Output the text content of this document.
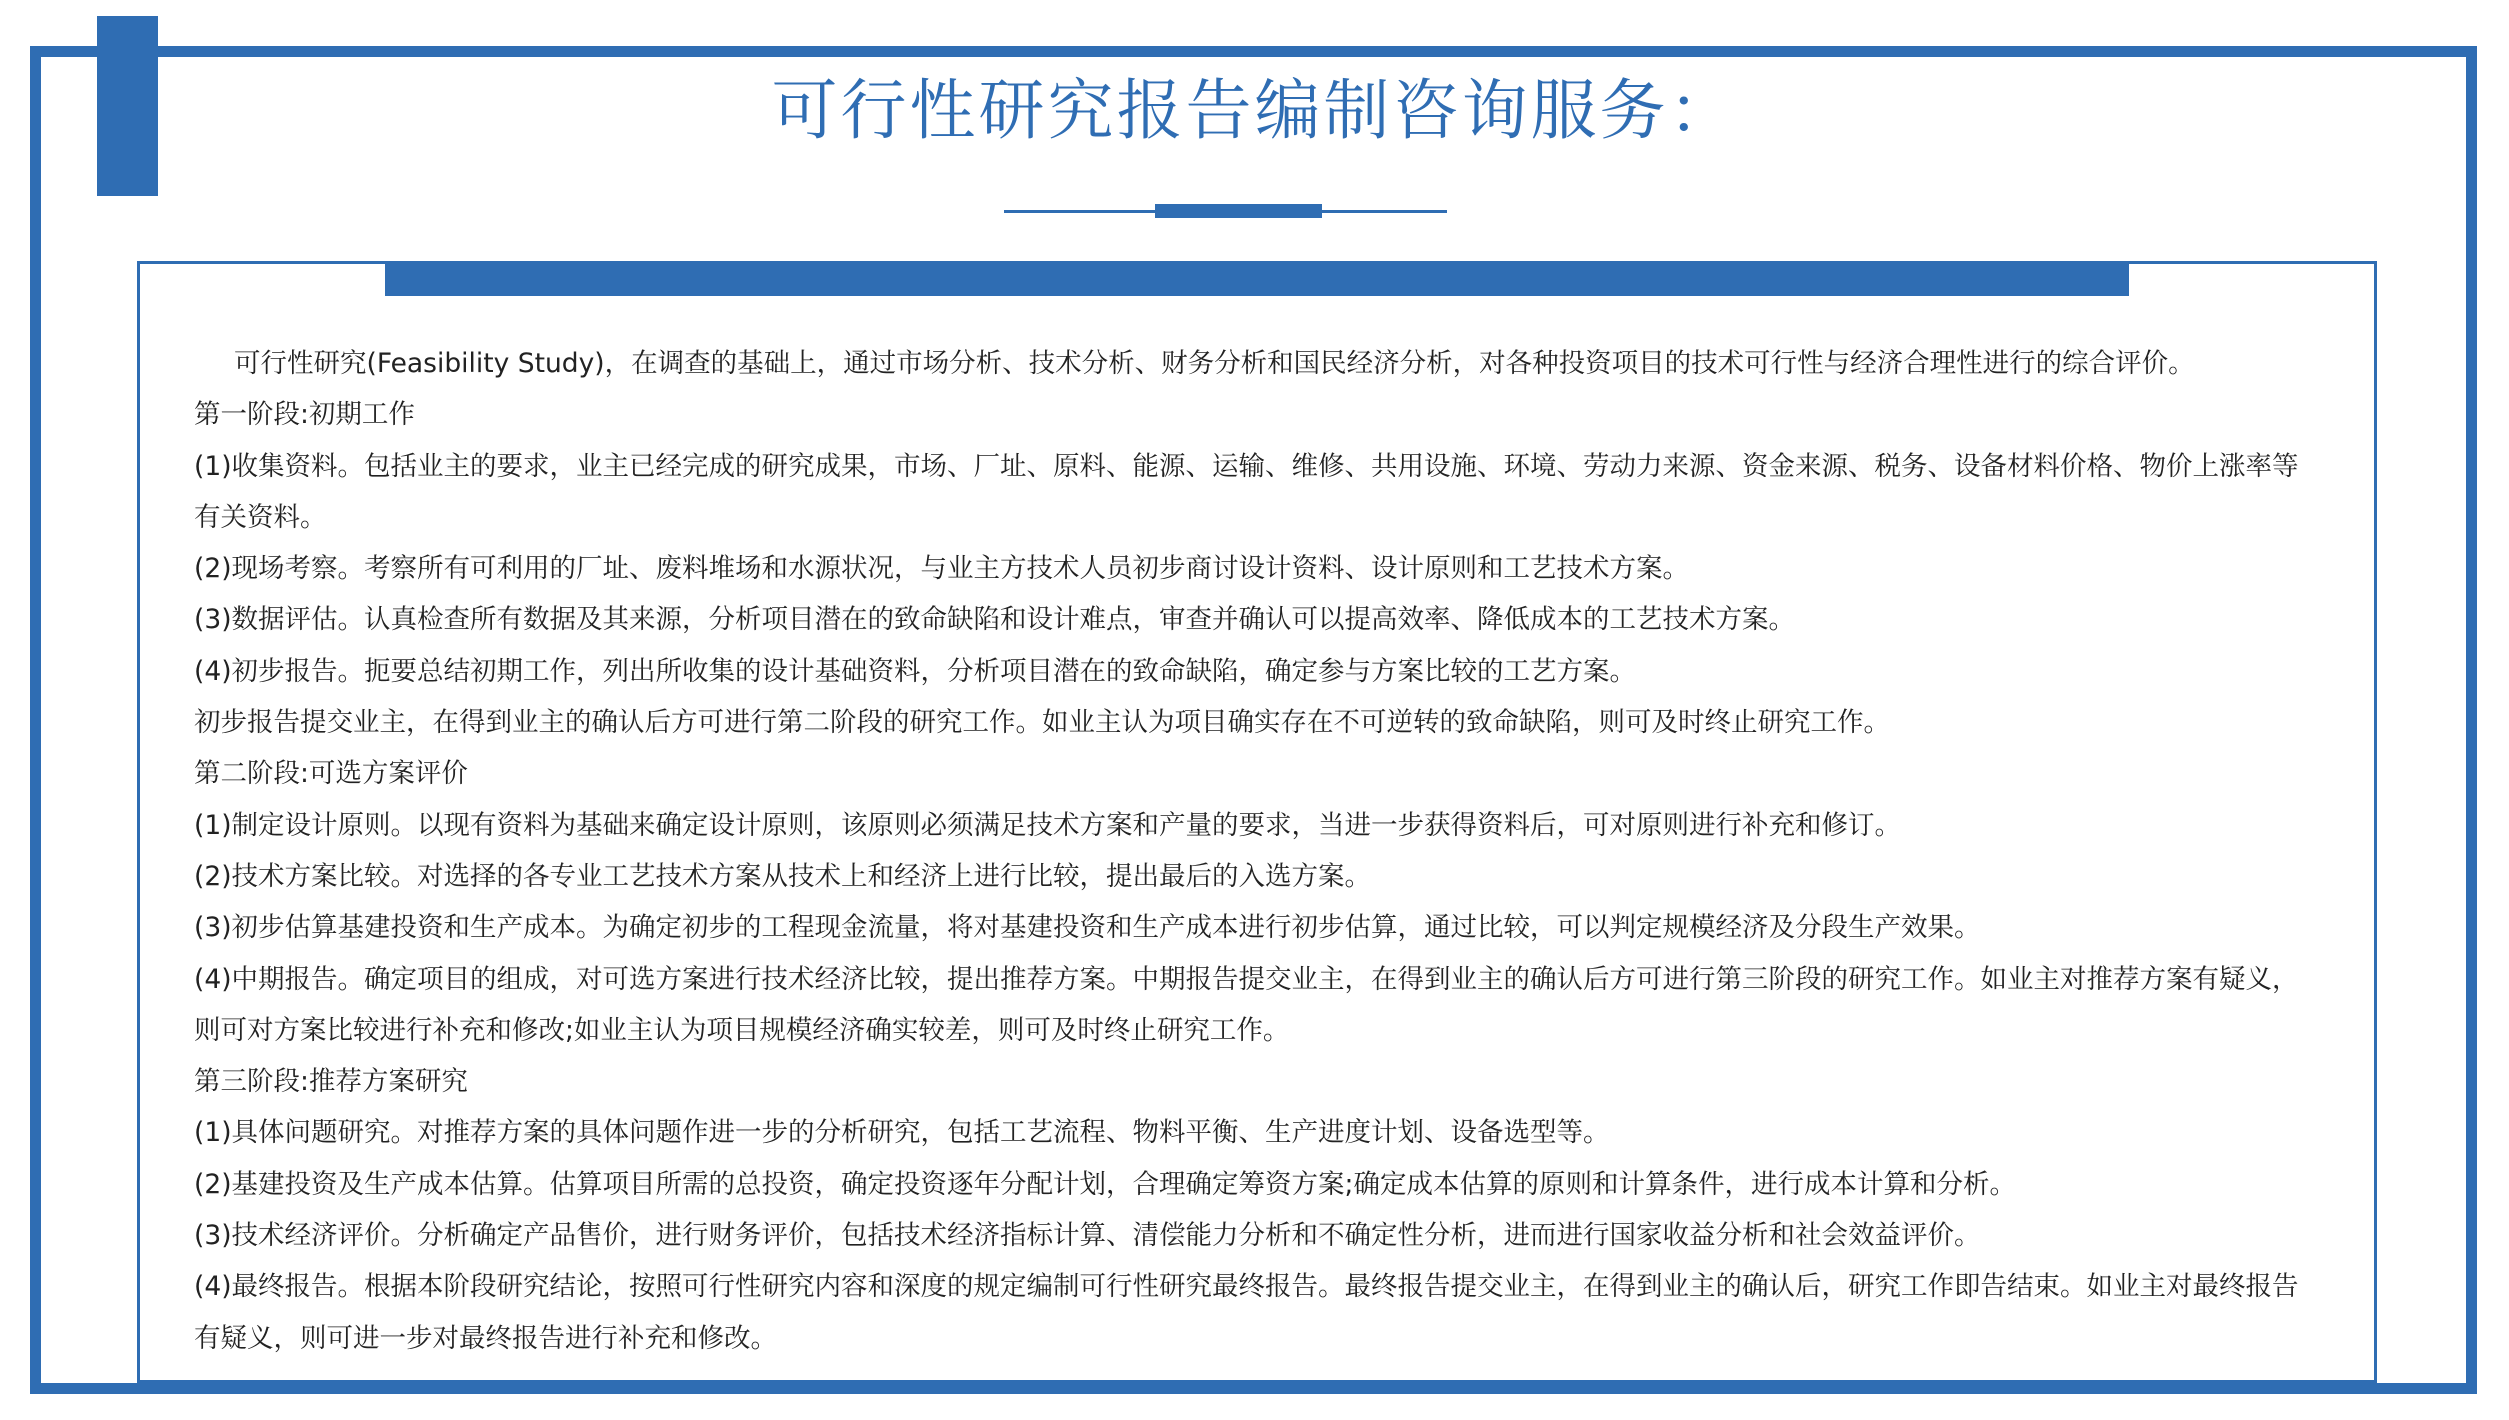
可行性研究报告编制咨询服务：

可行性研究(Feasibility Study)，在调查的基础上，通过市场分析、技术分析、财务分析和国民经济分析，对各种投资项目的技术可行性与经济合理性进行的综合评价。

第一阶段:初期工作

(1)收集资料。包括业主的要求，业主已经完成的研究成果，市场、厂址、原料、能源、运输、维修、共用设施、环境、劳动力来源、资金来源、税务、设备材料价格、物价上涨率等有关资料。

(2)现场考察。考察所有可利用的厂址、废料堆场和水源状况，与业主方技术人员初步商讨设计资料、设计原则和工艺技术方案。

(3)数据评估。认真检查所有数据及其来源，分析项目潜在的致命缺陷和设计难点，审查并确认可以提高效率、降低成本的工艺技术方案。

(4)初步报告。扼要总结初期工作，列出所收集的设计基础资料，分析项目潜在的致命缺陷，确定参与方案比较的工艺方案。

初步报告提交业主，在得到业主的确认后方可进行第二阶段的研究工作。如业主认为项目确实存在不可逆转的致命缺陷，则可及时终止研究工作。

第二阶段:可选方案评价

(1)制定设计原则。以现有资料为基础来确定设计原则，该原则必须满足技术方案和产量的要求，当进一步获得资料后，可对原则进行补充和修订。

(2)技术方案比较。对选择的各专业工艺技术方案从技术上和经济上进行比较，提出最后的入选方案。

(3)初步估算基建投资和生产成本。为确定初步的工程现金流量，将对基建投资和生产成本进行初步估算，通过比较，可以判定规模经济及分段生产效果。

(4)中期报告。确定项目的组成，对可选方案进行技术经济比较，提出推荐方案。中期报告提交业主，在得到业主的确认后方可进行第三阶段的研究工作。如业主对推荐方案有疑义，则可对方案比较进行补充和修改;如业主认为项目规模经济确实较差，则可及时终止研究工作。

第三阶段:推荐方案研究

(1)具体问题研究。对推荐方案的具体问题作进一步的分析研究，包括工艺流程、物料平衡、生产进度计划、设备选型等。

(2)基建投资及生产成本估算。估算项目所需的总投资，确定投资逐年分配计划，合理确定筹资方案;确定成本估算的原则和计算条件，进行成本计算和分析。

(3)技术经济评价。分析确定产品售价，进行财务评价，包括技术经济指标计算、清偿能力分析和不确定性分析，进而进行国家收益分析和社会效益评价。

(4)最终报告。根据本阶段研究结论，按照可行性研究内容和深度的规定编制可行性研究最终报告。最终报告提交业主，在得到业主的确认后，研究工作即告结束。如业主对最终报告有疑义，则可进一步对最终报告进行补充和修改。
